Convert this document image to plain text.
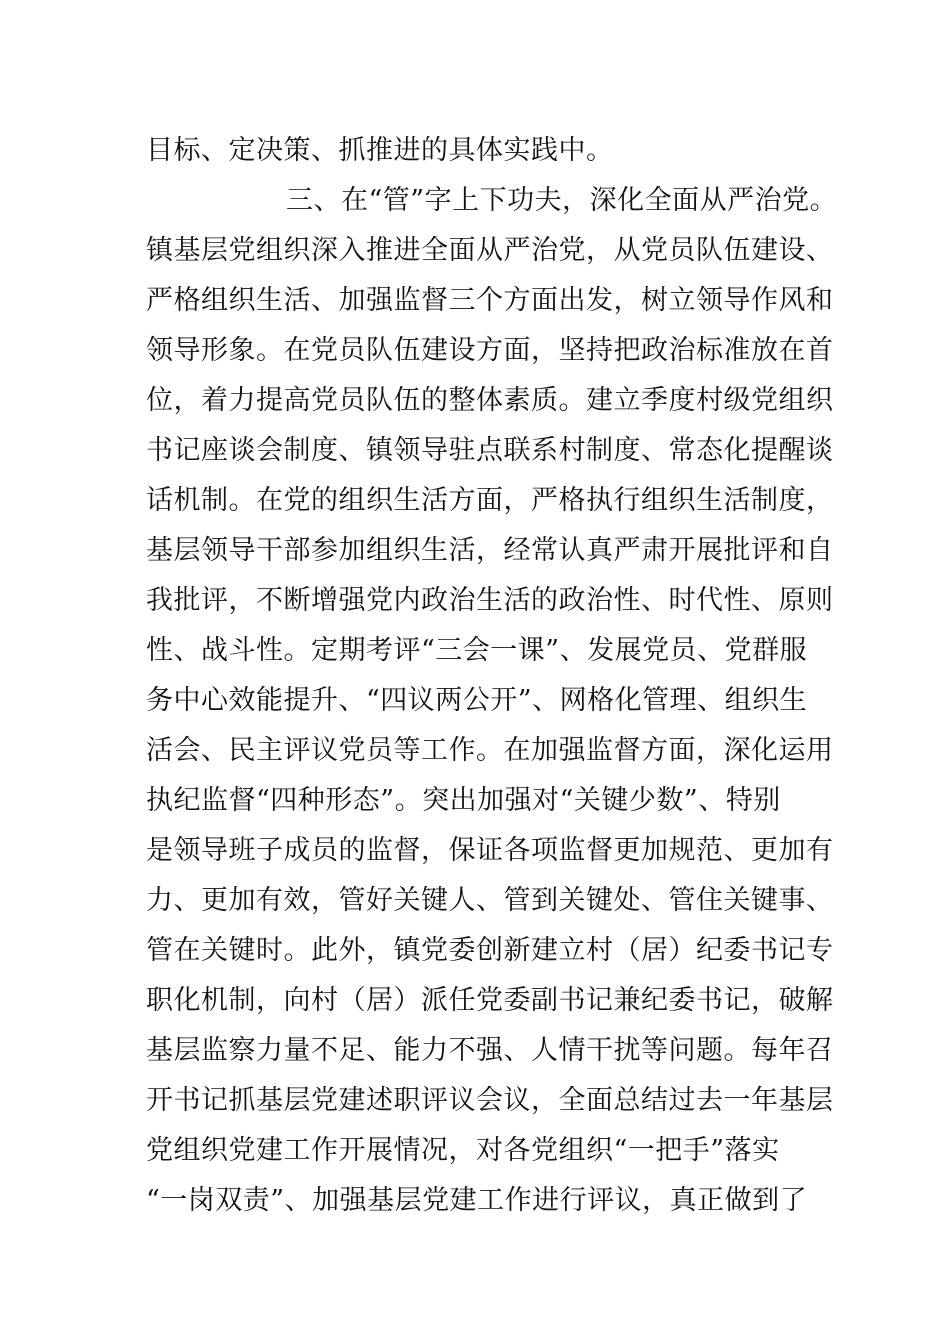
目标、定决策、抓推进的具体实践中。
三、在“管”字上下功夫，深化全面从严治党。
镇基层党组织深入推进全面从严治党，从党员队伍建设、
严格组织生活、加强监督三个方面出发，树立领导作风和
领导形象。在党员队伍建设方面，坚持把政治标准放在首
位，着力提高党员队伍的整体素质。建立季度村级党组织
书记座谈会制度、镇领导驻点联系村制度、常态化提醒谈
话机制。在党的组织生活方面，严格执行组织生活制度，
基层领导干部参加组织生活，经常认真严肃开展批评和自
我批评，不断增强党内政治生活的政治性、时代性、原则
性、战斗性。定期考评“三会一课”、发展党员、党群服
务中心效能提升、“四议两公开”、网格化管理、组织生
活会、民主评议党员等工作。在加强监督方面，深化运用
执纪监督“四种形态”。突出加强对“关键少数”、特别
是领导班子成员的监督，保证各项监督更加规范、更加有
力、更加有效，管好关键人、管到关键处、管住关键事、
管在关键时。此外，镇党委创新建立村（居）纪委书记专
职化机制，向村（居）派任党委副书记兼纪委书记，破解
基层监察力量不足、能力不强、人情干扰等问题。每年召
开书记抓基层党建述职评议会议，全面总结过去一年基层
党组织党建工作开展情况，对各党组织“一把手”落实
“一岗双责”、加强基层党建工作进行评议，真正做到了
